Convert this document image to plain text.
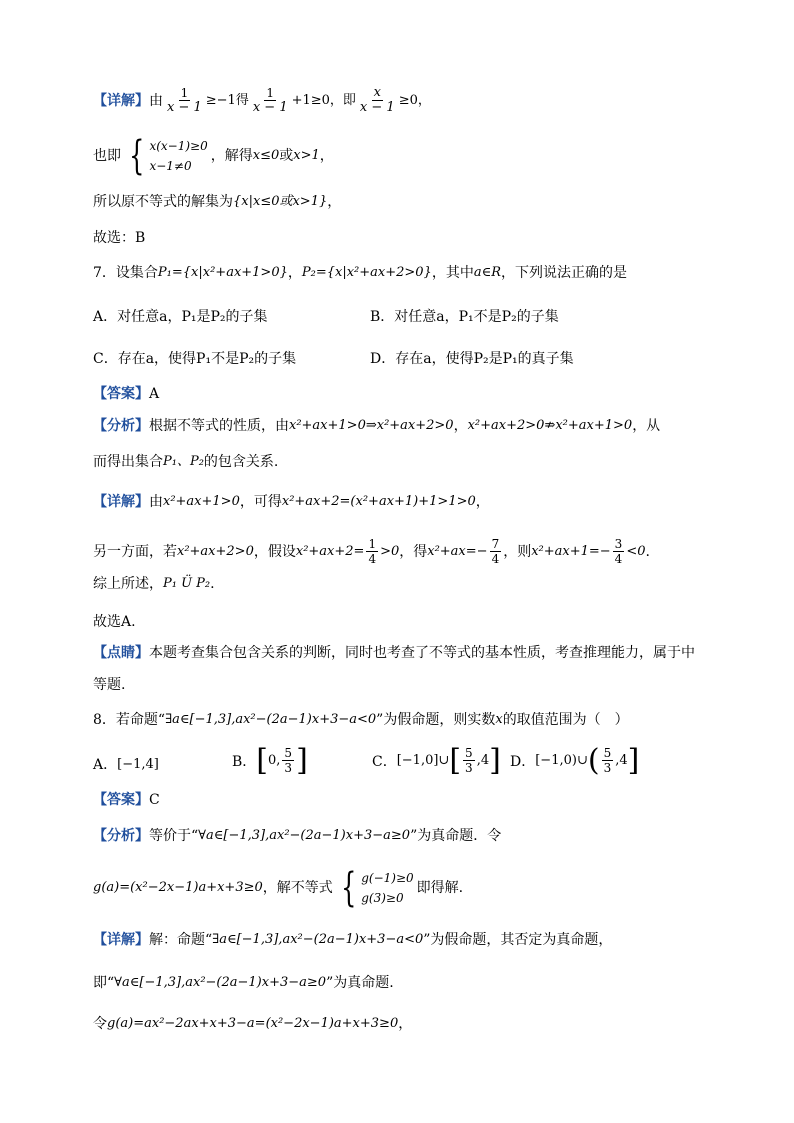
【详解】 由 $\frac{1}{x - 1} \ge-1$得 $\frac{1}{x - 1} +1\ge 0$，即 $\frac{x}{x - 1} \ge 0$，
也即 { x(x−1)≥0
x−1≠0
，解得 x≤0 或 x>1 ，
所以原不等式的解集为 {x|x≤0或x>1} ，
故选：B
7．设集合 P₁={x|x²+ax+1>0} ， P₂={x|x²+ax+2>0} ，其中 a∈R ，下列说法正确的是
A．对任意a，P₁是P₂的子集	B．对任意a，P₁不是P₂的子集
C．存在a，使得P₁不是P₂的子集	D．存在a，使得P₂是P₁的真子集
【答案】 A
【分析】 根据不等式的性质，由 x²+ax+1>0⇒x²+ax+2>0 ， x²+ax+2>0⇏x²+ax+1>0 ，从
而得出集合 P₁、P₂ 的包含关系.
【详解】 由 x²+ax+1>0 ，可得 x²+ax+2=(x²+ax+1)+1>1>0 ，
另一方面，若 x²+ax+2>0 ，假设 $x^2+ax+2= \frac{1}{4} >0$ ，得 $x^2+ax=- \frac{7}{4}$ ，则 $x^2+ax+1=- \frac{3}{4} <0$ .
综上所述， P₁ Ü P₂ .
故选A.
【点睛】 本题考查集合包含关系的判断，同时也考查了不等式的基本性质，考查推理能力，属于中
等题.
8．若命题“ ∃a∈[−1,3],ax²−(2a−1)x+3−a<0 ”为假命题，则实数 x 的取值范围为（　）
A． [−1,4]	B． [ 0, $\frac{5}{3}$ ]	C． [−1,0]∪ [ $\frac{5}{3} ,4$ ] D． [−1,0)∪ ( $\frac{5}{3} ,4$ ]
【答案】 C
【分析】 等价于“ ∀a∈[−1,3],ax²−(2a−1)x+3−a≥0 ”为真命题．令
g(a)=(x²−2x−1)a+x+3≥0 ，解不等式 { g(−1)≥0
g(3)≥0
即得解.
【详解】 解：命题“ ∃a∈[−1,3],ax²−(2a−1)x+3−a<0 ”为假命题，其否定为真命题，
即“ ∀a∈[−1,3],ax²−(2a−1)x+3−a≥0 ”为真命题.
令 g(a)=ax²−2ax+x+3−a=(x²−2x−1)a+x+3≥0 ，
